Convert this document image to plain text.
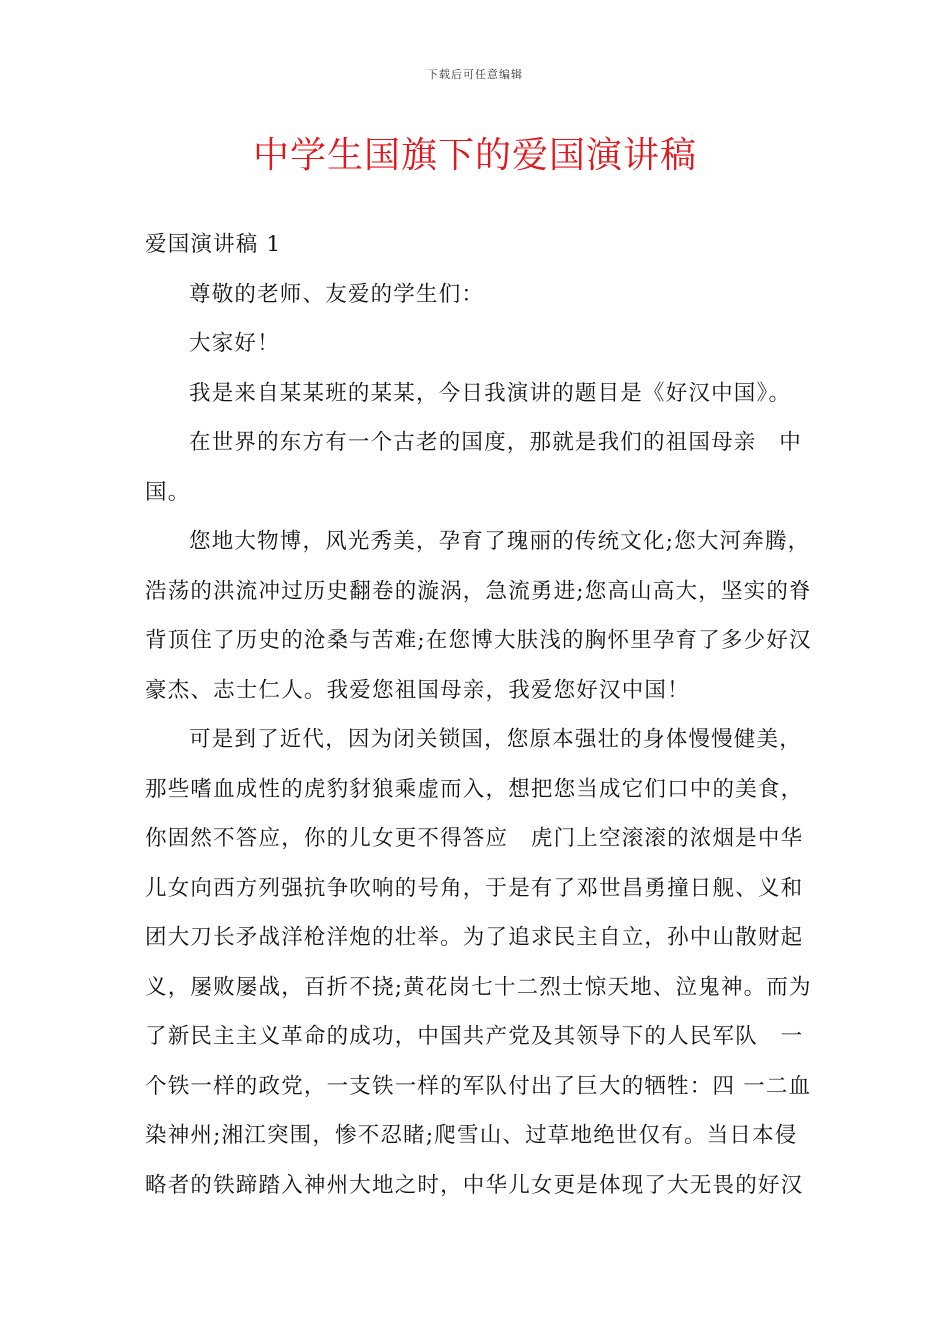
下载后可任意编辑
中学生国旗下的爱国演讲稿

爱国演讲稿 1

尊敬的老师、友爱的学生们：

大家好！

我是来自某某班的某某，今日我演讲的题目是《好汉中国》。

在世界的东方有一个古老的国度，那就是我们的祖国母亲　中
国。

您地大物博，风光秀美，孕育了瑰丽的传统文化;您大河奔腾，
浩荡的洪流冲过历史翻卷的漩涡，急流勇进;您高山高大，坚实的脊
背顶住了历史的沧桑与苦难;在您博大肤浅的胸怀里孕育了多少好汉
豪杰、志士仁人。我爱您祖国母亲，我爱您好汉中国！

可是到了近代，因为闭关锁国，您原本强壮的身体慢慢健美，
那些嗜血成性的虎豹豺狼乘虚而入，想把您当成它们口中的美食，
你固然不答应，你的儿女更不得答应　虎门上空滚滚的浓烟是中华
儿女向西方列强抗争吹响的号角，于是有了邓世昌勇撞日舰、义和
团大刀长矛战洋枪洋炮的壮举。为了追求民主自立，孙中山散财起
义，屡败屡战，百折不挠;黄花岗七十二烈士惊天地、泣鬼神。而为
了新民主主义革命的成功，中国共产党及其领导下的人民军队　一
个铁一样的政党，一支铁一样的军队付出了巨大的牺牲：四 一二血
染神州;湘江突围，惨不忍睹;爬雪山、过草地绝世仅有。当日本侵
略者的铁蹄踏入神州大地之时，中华儿女更是体现了大无畏的好汉
